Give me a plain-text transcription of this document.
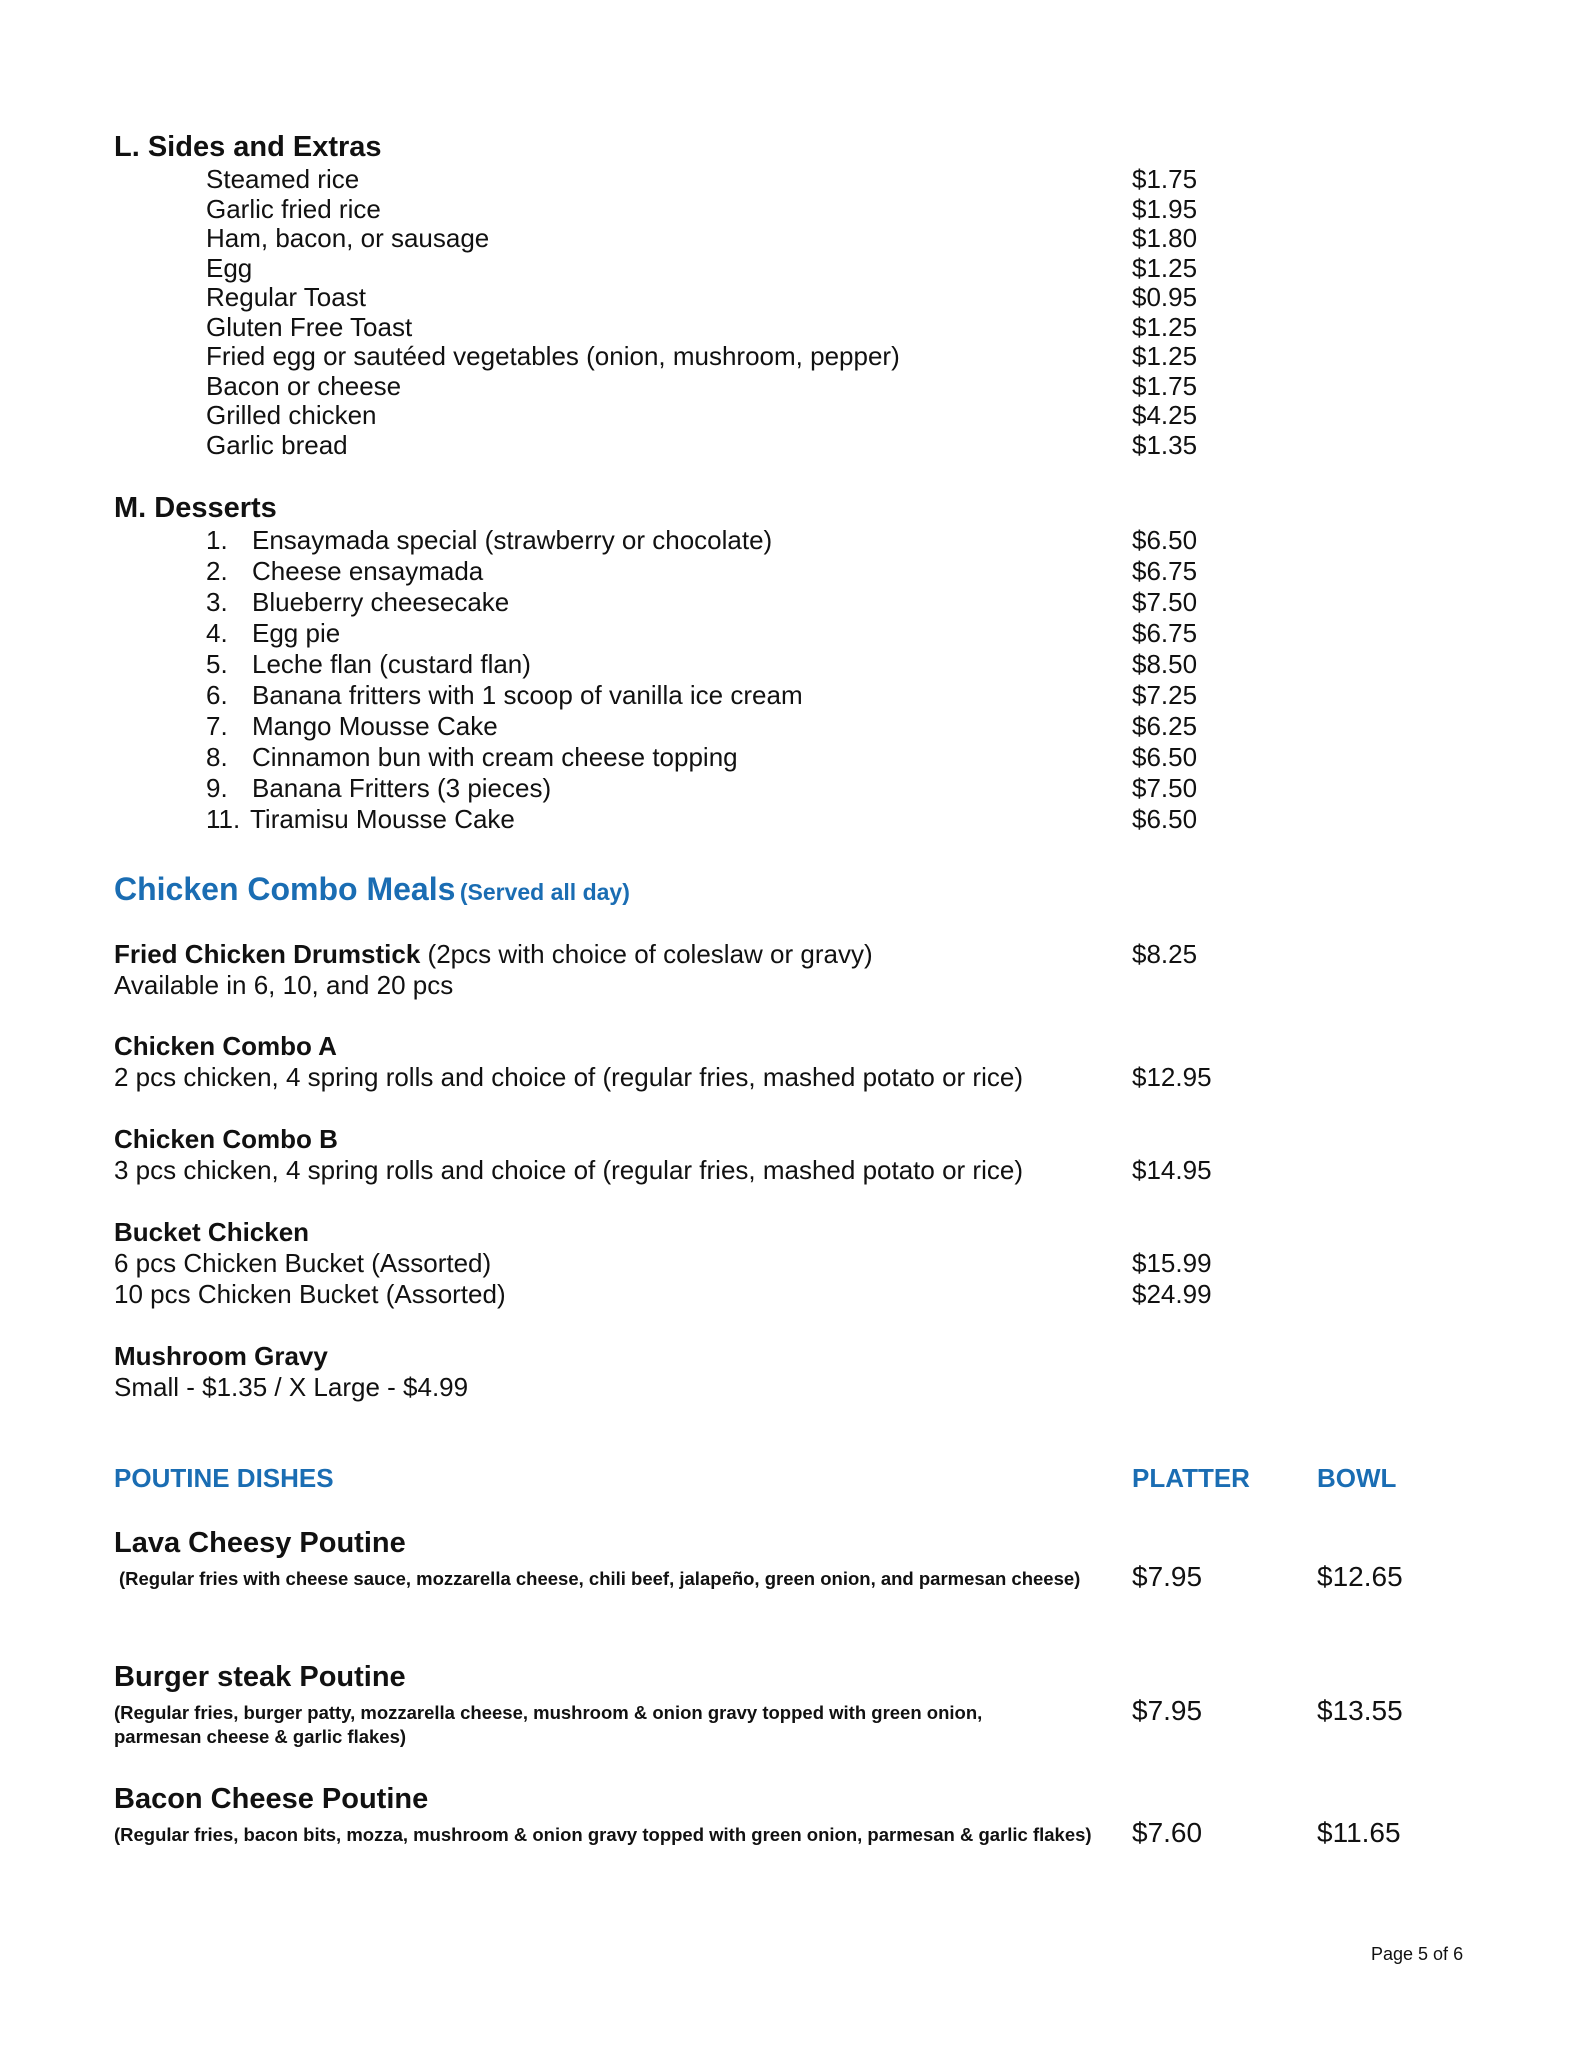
L. Sides and Extras
Steamed rice	$1.75
Garlic fried rice	$1.95
Ham, bacon, or sausage	$1.80
Egg	$1.25
Regular Toast	$0.95
Gluten Free Toast	$1.25
Fried egg or sautéed vegetables (onion, mushroom, pepper)	$1.25
Bacon or cheese	$1.75
Grilled chicken	$4.25
Garlic bread	$1.35
M. Desserts
1. Ensaymada special (strawberry or chocolate)	$6.50
2. Cheese ensaymada	$6.75
3. Blueberry cheesecake	$7.50
4. Egg pie	$6.75
5. Leche flan (custard flan)	$8.50
6. Banana fritters with 1 scoop of vanilla ice cream	$7.25
7. Mango Mousse Cake	$6.25
8. Cinnamon bun with cream cheese topping	$6.50
9. Banana Fritters (3 pieces)	$7.50
11. Tiramisu Mousse Cake	$6.50
Chicken Combo Meals (Served all day)
Fried Chicken Drumstick (2pcs with choice of coleslaw or gravy)	$8.25
Available in 6, 10, and 20 pcs
Chicken Combo A
2 pcs chicken, 4 spring rolls and choice of (regular fries, mashed potato or rice)	$12.95
Chicken Combo B
3 pcs chicken, 4 spring rolls and choice of (regular fries, mashed potato or rice)	$14.95
Bucket Chicken
6 pcs Chicken Bucket (Assorted)	$15.99
10 pcs Chicken Bucket (Assorted)	$24.99
Mushroom Gravy
Small - $1.35 / X Large - $4.99
POUTINE DISHES	PLATTER	BOWL
Lava Cheesy Poutine
(Regular fries with cheese sauce, mozzarella cheese, chili beef, jalapeño, green onion, and parmesan cheese) $7.95	$12.65
Burger steak Poutine
(Regular fries, burger patty, mozzarella cheese, mushroom & onion gravy topped with green onion,
parmesan cheese & garlic flakes)
$7.95	$13.55
Bacon Cheese Poutine
(Regular fries, bacon bits, mozza, mushroom & onion gravy topped with green onion, parmesan & garlic flakes) $7.60	$11.65
Page 5 of 6
